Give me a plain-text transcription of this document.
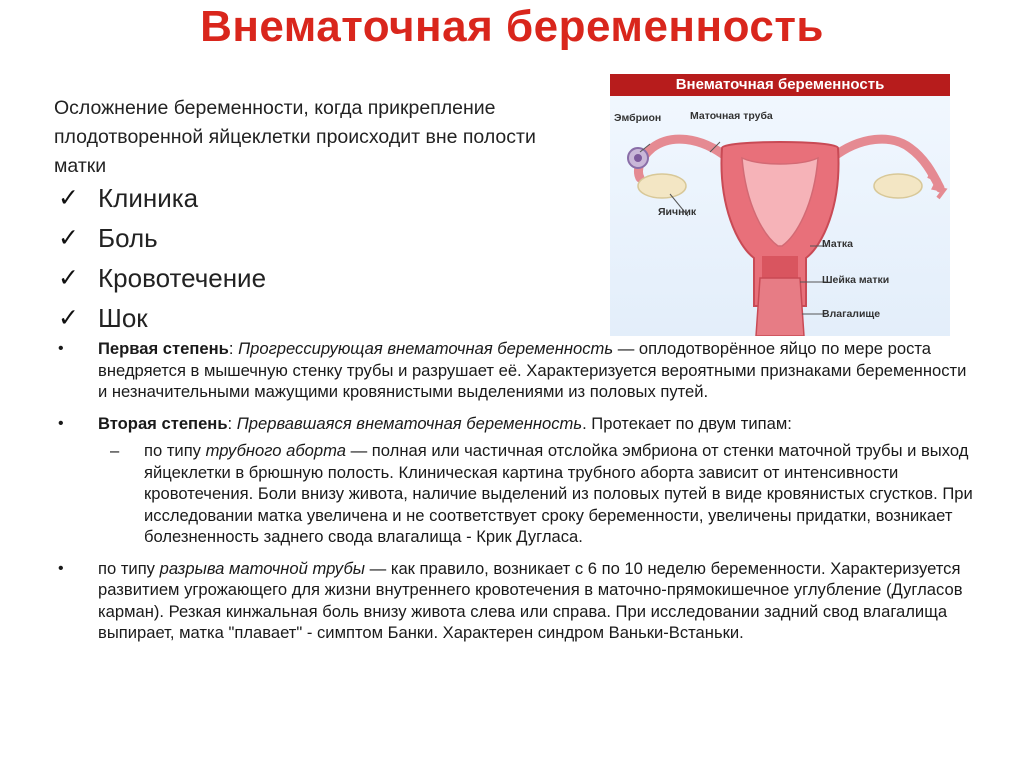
Внематочная беременность
Осложнение беременности, когда прикрепление плодотворенной яйцеклетки происходит вне полости матки
✓ Клиника
✓ Боль
✓ Кровотечение
✓ Шок
Внематочная беременность
Эмбрион	Маточная труба
Яичник
Матка
Шейка матки
Влагалище
• Первая степень: Прогрессирующая внематочная беременность — оплодотворённое яйцо по мере роста внедряется в мышечную стенку трубы и разрушает её. Характеризуется вероятными признаками беременности и незначительными мажущими кровянистыми выделениями из половых путей.
• Вторая степень: Прервавшаяся внематочная беременность. Протекает по двум типам:
– по типу трубного аборта — полная или частичная отслойка эмбриона от стенки маточной трубы и выход яйцеклетки в брюшную полость. Клиническая картина трубного аборта зависит от интенсивности кровотечения. Боли внизу живота, наличие выделений из половых путей в виде кровянистых сгустков. При исследовании матка увеличена и не соответствует сроку беременности, увеличены придатки, возникает болезненность заднего свода влагалища - Крик Дугласа.
• по типу разрыва маточной трубы — как правило, возникает с 6 по 10 неделю беременности. Характеризуется развитием угрожающего для жизни внутреннего кровотечения в маточно-прямокишечное углубление (Дугласов карман). Резкая кинжальная боль внизу живота слева или справа. При исследовании задний свод влагалища выпирает, матка "плавает" - симптом Банки. Характерен синдром Ваньки-Встаньки.
